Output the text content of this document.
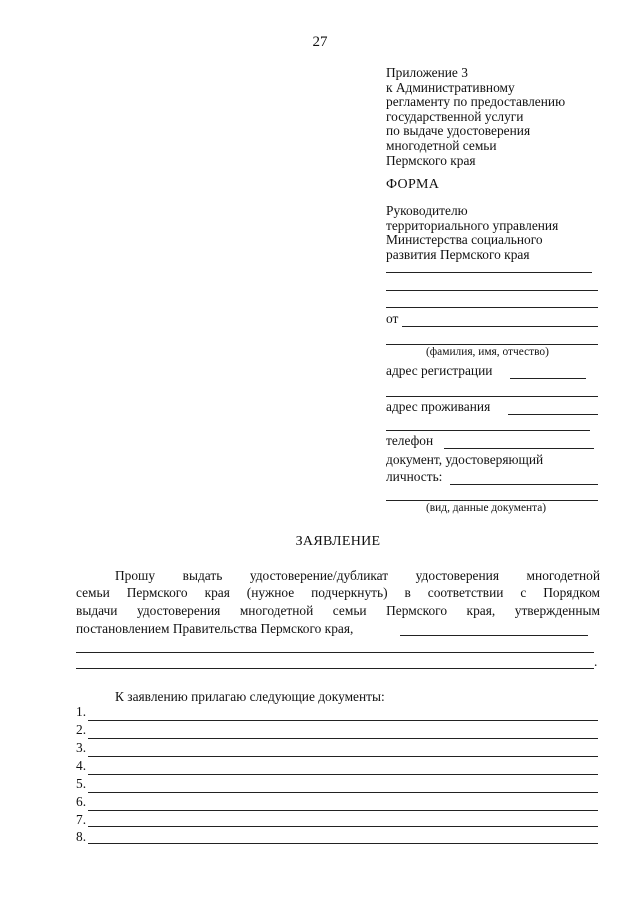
27
Приложение 3
к Административному
регламенту по предоставлению
государственной услуги
по выдаче удостоверения
многодетной семьи
Пермского края
ФОРМА
Руководителю
территориального управления
Министерства социального
развития Пермского края
от
(фамилия, имя, отчество)
адрес регистрации
адрес проживания
телефон
документ, удостоверяющий
личность:
(вид, данные документа)
ЗАЯВЛЕНИЕ
Прошу выдать удостоверение/дубликат удостоверения многодетной
семьи Пермского края (нужное подчеркнуть) в соответствии с Порядком
выдачи удостоверения многодетной семьи Пермского края, утвержденным
постановлением Правительства Пермского края,
.
К заявлению прилагаю следующие документы:
1.
2.
3.
4.
5.
6.
7.
8.
